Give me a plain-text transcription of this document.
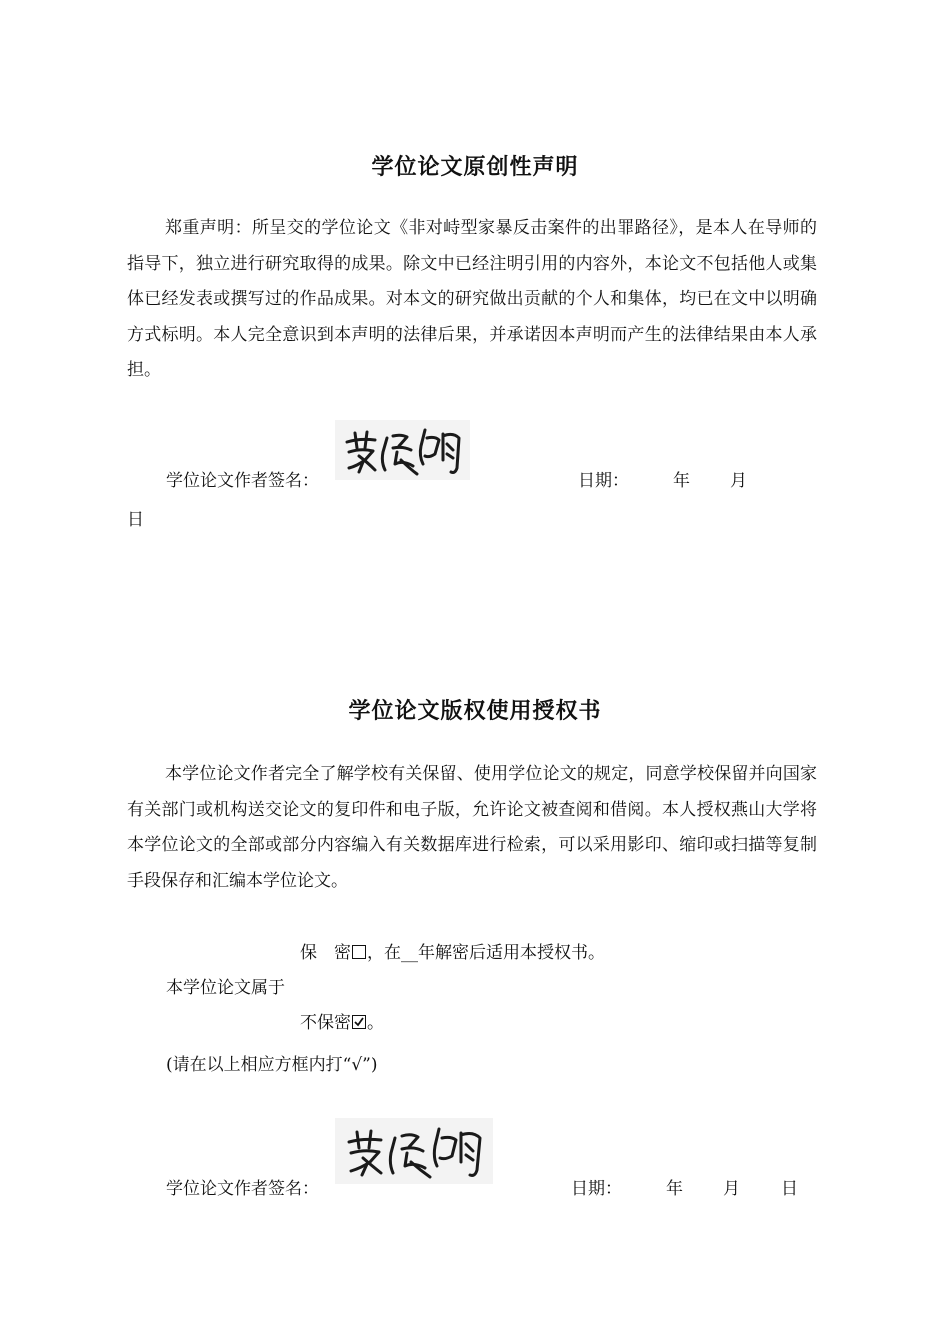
学位论文原创性声明
郑重声明：所呈交的学位论文《非对峙型家暴反击案件的出罪路径》，是本人在导师的指导下，独立进行研究取得的成果。除文中已经注明引用的内容外，本论文不包括他人或集体已经发表或撰写过的作品成果。对本文的研究做出贡献的个人和集体，均已在文中以明确方式标明。本人完全意识到本声明的法律后果，并承诺因本声明而产生的法律结果由本人承担。
学位论文作者签名：	日期：	年 月
日
学位论文版权使用授权书
本学位论文作者完全了解学校有关保留、使用学位论文的规定，同意学校保留并向国家有关部门或机构送交论文的复印件和电子版，允许论文被查阅和借阅。本人授权燕山大学将本学位论文的全部或部分内容编入有关数据库进行检索，可以采用影印、缩印或扫描等复制手段保存和汇编本学位论文。
保　密 ，在__年解密后适用本授权书。
本学位论文属于
不保密 。
(请在以上相应方框内打“√”)
学位论文作者签名：	日期：	年 月 日
